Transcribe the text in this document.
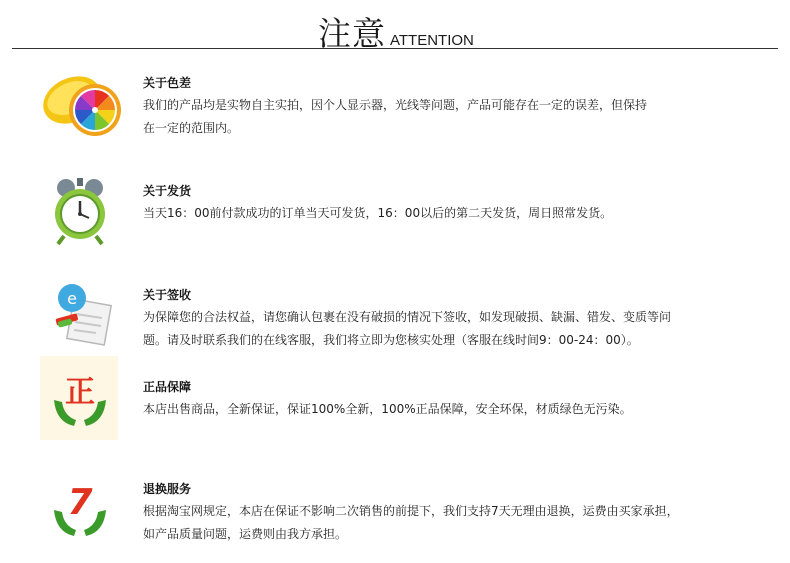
注意 ATTENTION
关于色差
我们的产品均是实物自主实拍，因个人显示器，光线等问题，产品可能存在一定的误差，但保持
在一定的范围内。
关于发货
当天16：00前付款成功的订单当天可发货，16：00以后的第二天发货，周日照常发货。
e	关于签收
为保障您的合法权益，请您确认包裹在没有破损的情况下签收，如发现破损、缺漏、错发、变质等问
题。请及时联系我们的在线客服，我们将立即为您核实处理（客服在线时间9：00-24：00）。
正	正品保障
本店出售商品，全新保证，保证100%全新，100%正品保障，安全环保，材质绿色无污染。
7	退换服务
根据淘宝网规定，本店在保证不影响二次销售的前提下，我们支持7天无理由退换，运费由买家承担，
如产品质量问题，运费则由我方承担。
